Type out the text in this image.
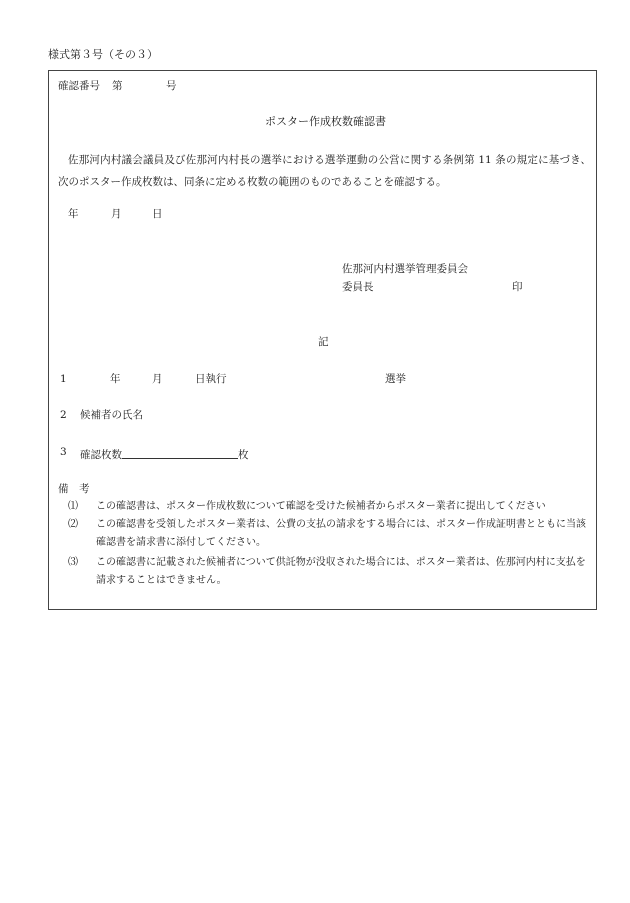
様式第３号（その３）
確認番号 第	号
ポスター作成枚数確認書
佐那河内村議会議員及び佐那河内村長の選挙における選挙運動の公営に関する条例第 11 条の規定に基づき、次のポスター作成枚数は、同条に定める枚数の範囲のものであることを確認する。
年	月	日
佐那河内村選挙管理委員会
委員長	印
記
1	年	月	日執行	選挙
2 候補者の氏名
3 確認枚数	枚
備　考
⑴ この確認書は、ポスター作成枚数について確認を受けた候補者からポスター業者に提出してください
⑵ この確認書を受領したポスター業者は、公費の支払の請求をする場合には、ポスター作成証明書とともに当該確認書を請求書に添付してください。
⑶ この確認書に記載された候補者について供託物が没収された場合には、ポスター業者は、佐那河内村に支払を請求することはできません。
